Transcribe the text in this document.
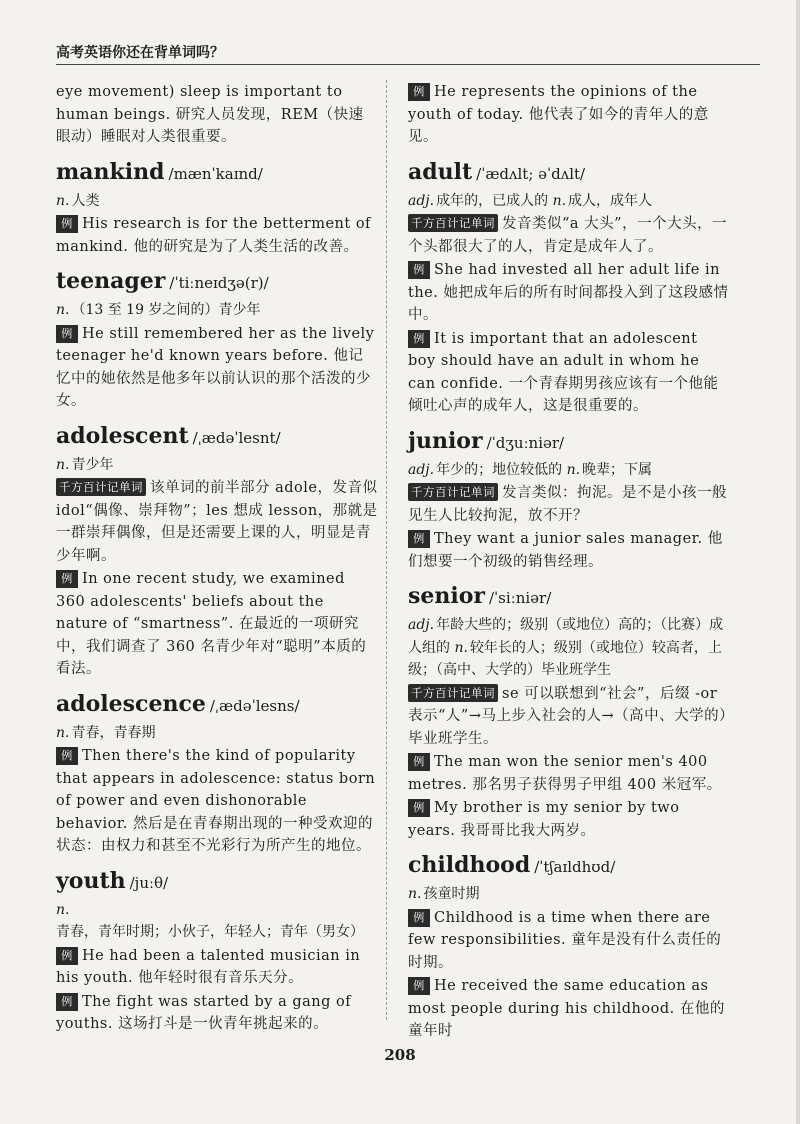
高考英语你还在背单词吗？
eye movement) sleep is important to human beings. 研究人员发现，REM（快速眼动）睡眠对人类很重要。
mankind /mænˈkaɪnd/
n. 人类
例 His research is for the betterment of mankind. 他的研究是为了人类生活的改善。
teenager /ˈtiːneɪdʒə(r)/
n. （13 至 19 岁之间的）青少年
例 He still remembered her as the lively teenager he'd known years before. 他记忆中的她依然是他多年以前认识的那个活泼的少女。
adolescent /ˌædəˈlesnt/
n. 青少年
千方百计记单词 该单词的前半部分 adole，发音似 idol“偶像、崇拜物”；les 想成 lesson，那就是一群崇拜偶像，但是还需要上课的人，明显是青少年啊。
例 In one recent study, we examined 360 adolescents' beliefs about the nature of “smartness”. 在最近的一项研究中，我们调查了 360 名青少年对“聪明”本质的看法。
adolescence /ˌædəˈlesns/
n. 青春，青春期
例 Then there's the kind of popularity that appears in adolescence: status born of power and even dishonorable behavior. 然后是在青春期出现的一种受欢迎的状态：由权力和甚至不光彩行为所产生的地位。
youth /juːθ/
n.青春，青年时期；小伙子，年轻人；青年（男女）
例 He had been a talented musician in his youth. 他年轻时很有音乐天分。
例 The fight was started by a gang of youths. 这场打斗是一伙青年挑起来的。
例 He represents the opinions of the youth of today. 他代表了如今的青年人的意见。
adult /ˈædʌlt; əˈdʌlt/
adj. 成年的，已成人的 n. 成人，成年人
千方百计记单词 发音类似“a 大头”，一个大头，一个头都很大了的人，肯定是成年人了。
例 She had invested all her adult life in the. 她把成年后的所有时间都投入到了这段感情中。
例 It is important that an adolescent boy should have an adult in whom he can confide. 一个青春期男孩应该有一个他能倾吐心声的成年人，这是很重要的。
junior /ˈdʒuːniər/
adj. 年少的；地位较低的 n. 晚辈；下属
千方百计记单词 发言类似：拘泥。是不是小孩一般见生人比较拘泥，放不开？
例 They want a junior sales manager. 他们想要一个初级的销售经理。
senior /ˈsiːniər/
adj. 年龄大些的；级别（或地位）高的；（比赛）成人组的 n. 较年长的人；级别（或地位）较高者，上级；（高中、大学的）毕业班学生
千方百计记单词 se 可以联想到“社会”，后缀 -or 表示“人”→马上步入社会的人→（高中、大学的）毕业班学生。
例 The man won the senior men's 400 metres. 那名男子获得男子甲组 400 米冠军。
例 My brother is my senior by two years. 我哥哥比我大两岁。
childhood /ˈtʃaɪldhʊd/
n. 孩童时期
例 Childhood is a time when there are few responsibilities. 童年是没有什么责任的时期。
例 He received the same education as most people during his childhood. 在他的童年时
208
